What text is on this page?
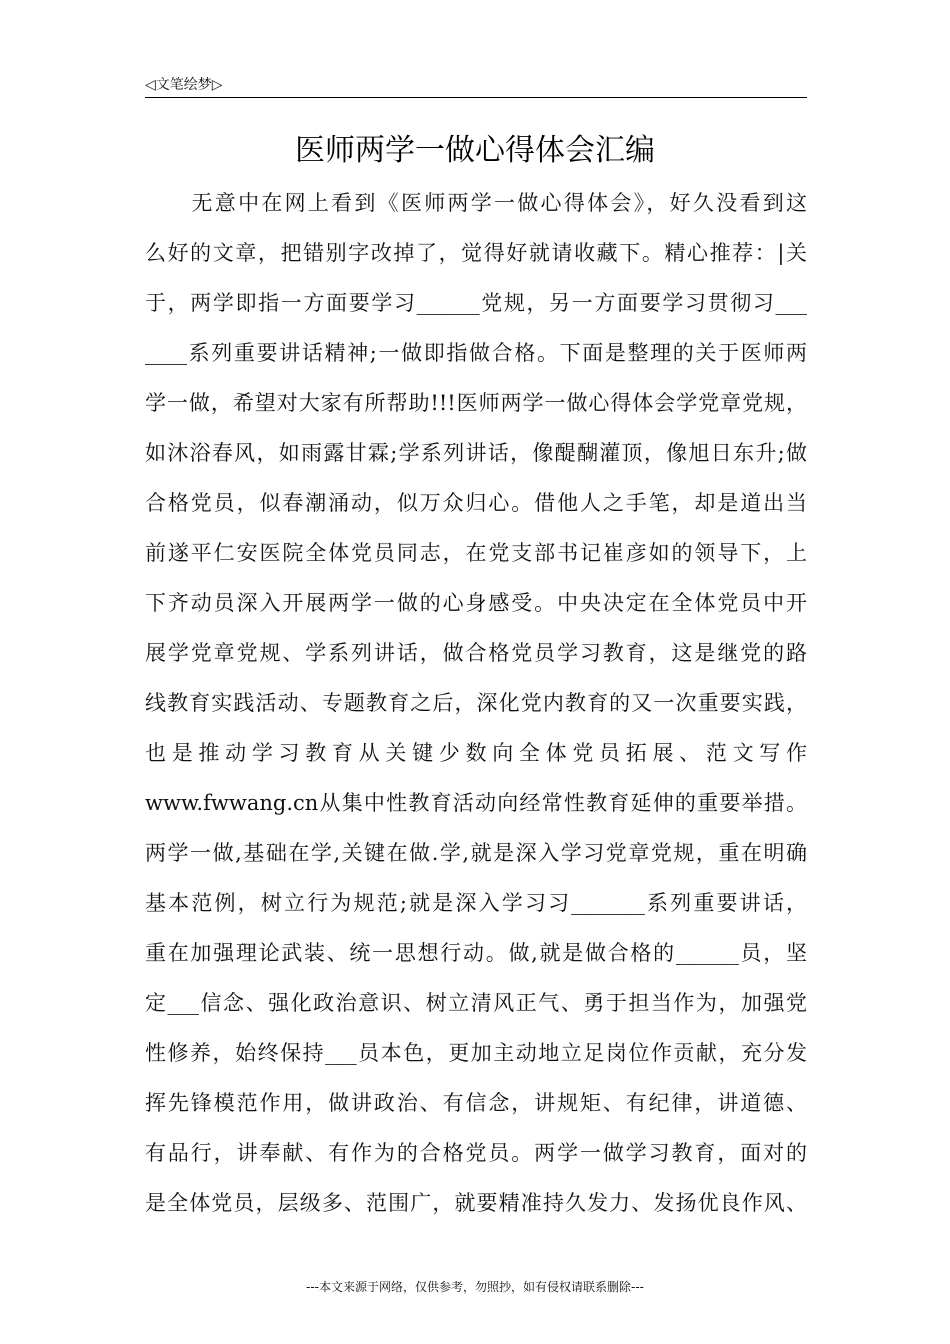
◁文笔绘梦▷
医师两学一做心得体会汇编
　　无意中在网上看到《医师两学一做心得体会》，好久没看到这
么好的文章，把错别字改掉了，觉得好就请收藏下。精心推荐：|关
于，两学即指一方面要学习______党规，另一方面要学习贯彻习___
____系列重要讲话精神;一做即指做合格。下面是整理的关于医师两
学一做，希望对大家有所帮助!!!医师两学一做心得体会学党章党规，
如沐浴春风，如雨露甘霖;学系列讲话，像醍醐灌顶，像旭日东升;做
合格党员，似春潮涌动，似万众归心。借他人之手笔，却是道出当
前遂平仁安医院全体党员同志，在党支部书记崔彦如的领导下，上
下齐动员深入开展两学一做的心身感受。中央决定在全体党员中开
展学党章党规、学系列讲话，做合格党员学习教育，这是继党的路
线教育实践活动、专题教育之后，深化党内教育的又一次重要实践，
也是推动学习教育从关键少数向全体党员拓展、范文写作
www.fwwang.cn从集中性教育活动向经常性教育延伸的重要举措。
两学一做,基础在学,关键在做.学,就是深入学习党章党规，重在明确
基本范例，树立行为规范;就是深入学习习_______系列重要讲话，
重在加强理论武装、统一思想行动。做,就是做合格的______员，坚
定___信念、强化政治意识、树立清风正气、勇于担当作为，加强党
性修养，始终保持___员本色，更加主动地立足岗位作贡献，充分发
挥先锋模范作用，做讲政治、有信念，讲规矩、有纪律，讲道德、
有品行，讲奉献、有作为的合格党员。两学一做学习教育，面对的
是全体党员，层级多、范围广，就要精准持久发力、发扬优良作风、
---本文来源于网络，仅供参考，勿照抄，如有侵权请联系删除---
